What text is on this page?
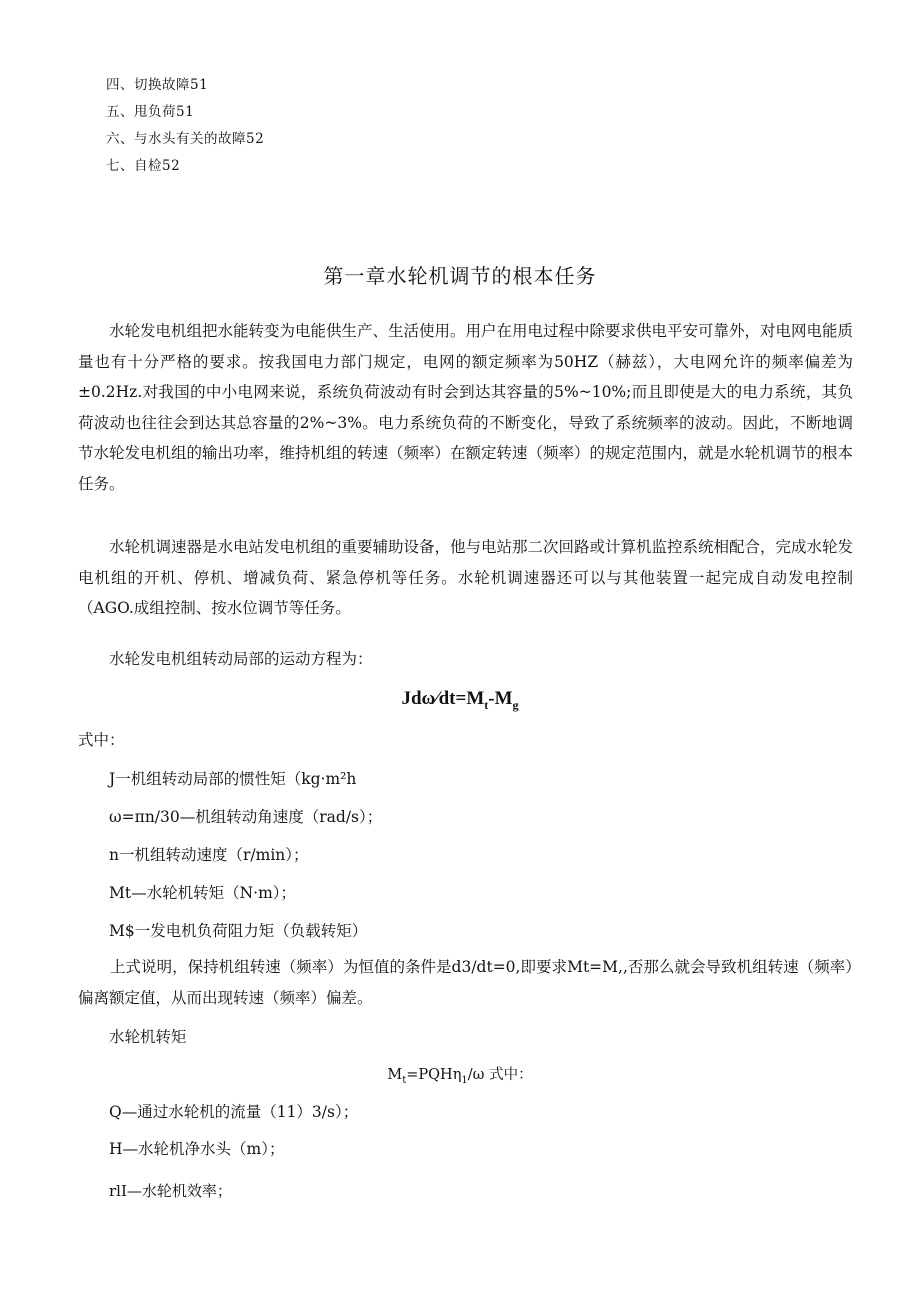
四、切换故障51
五、甩负荷51
六、与水头有关的故障52
七、自检52
第一章水轮机调节的根本任务
水轮发电机组把水能转变为电能供生产、生活使用。用户在用电过程中除要求供电平安可靠外，对电网电能质量也有十分严格的要求。按我国电力部门规定，电网的额定频率为50HZ（赫兹），大电网允许的频率偏差为±0.2Hz.对我国的中小电网来说，系统负荷波动有时会到达其容量的5%~10%;而且即使是大的电力系统，其负荷波动也往往会到达其总容量的2%~3%。电力系统负荷的不断变化，导致了系统频率的波动。因此，不断地调节水轮发电机组的输出功率，维持机组的转速（频率）在额定转速（频率）的规定范围内，就是水轮机调节的根本任务。
水轮机调速器是水电站发电机组的重要辅助设备，他与电站那二次回路或计算机监控系统相配合，完成水轮发电机组的开机、停机、增减负荷、紧急停机等任务。水轮机调速器还可以与其他装置一起完成自动发电控制（AGO.成组控制、按水位调节等任务。
水轮发电机组转动局部的运动方程为：
$Jd\omega⁄dt=M_t-M_g$
式中：
J一机组转动局部的惯性矩（kg·m²h
ω=πn/30—机组转动角速度（rad/s）；
n一机组转动速度（r/min）；
Mt—水轮机转矩（N·m）；
M$一发电机负荷阻力矩（负载转矩）
上式说明，保持机组转速（频率）为恒值的条件是d3/dt=0,即要求Mt=M,,否那么就会导致机组转速（频率）偏离额定值，从而出现转速（频率）偏差。
水轮机转矩
$M_t=PQH\eta_1/\omega$ 式中：
Q—通过水轮机的流量（11）3/s）；
H—水轮机净水头（m）；
rlI—水轮机效率；
